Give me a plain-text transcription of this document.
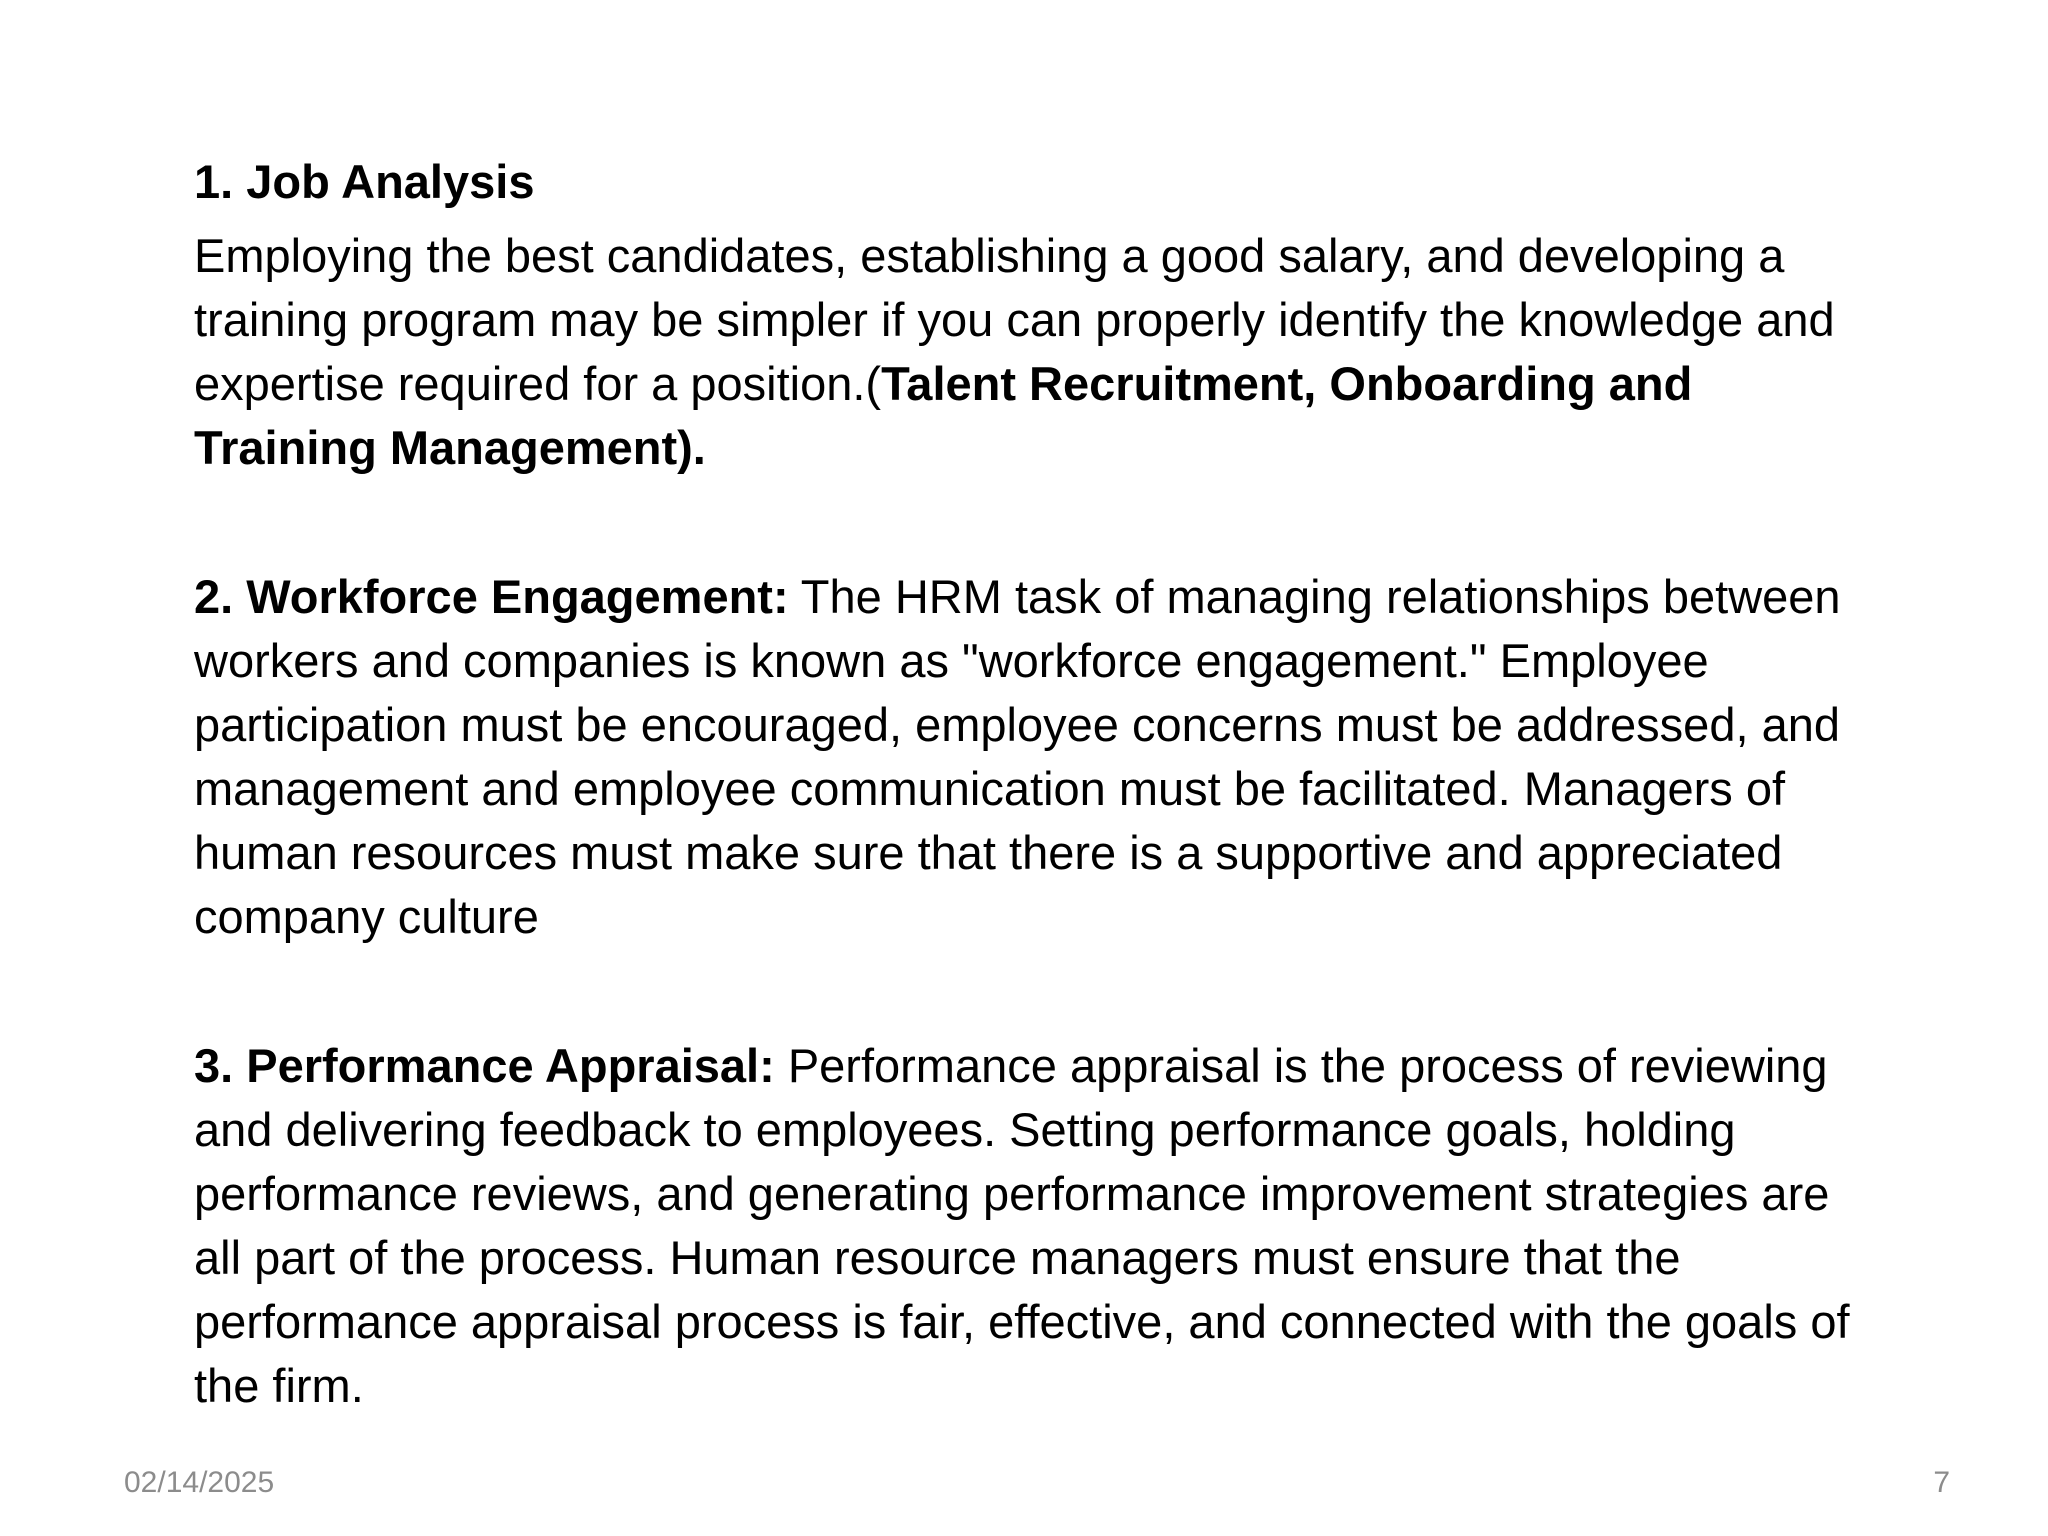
1. Job Analysis

Employing the best candidates, establishing a good salary, and developing a training program may be simpler if you can properly identify the knowledge and expertise required for a position.(Talent Recruitment, Onboarding and Training Management).

2. Workforce Engagement: The HRM task of managing relationships between workers and companies is known as "workforce engagement." Employee participation must be encouraged, employee concerns must be addressed, and management and employee communication must be facilitated. Managers of human resources must make sure that there is a supportive and appreciated company culture

3. Performance Appraisal: Performance appraisal is the process of reviewing and delivering feedback to employees. Setting performance goals, holding performance reviews, and generating performance improvement strategies are all part of the process. Human resource managers must ensure that the performance appraisal process is fair, effective, and connected with the goals of the firm.

02/14/2025	7
